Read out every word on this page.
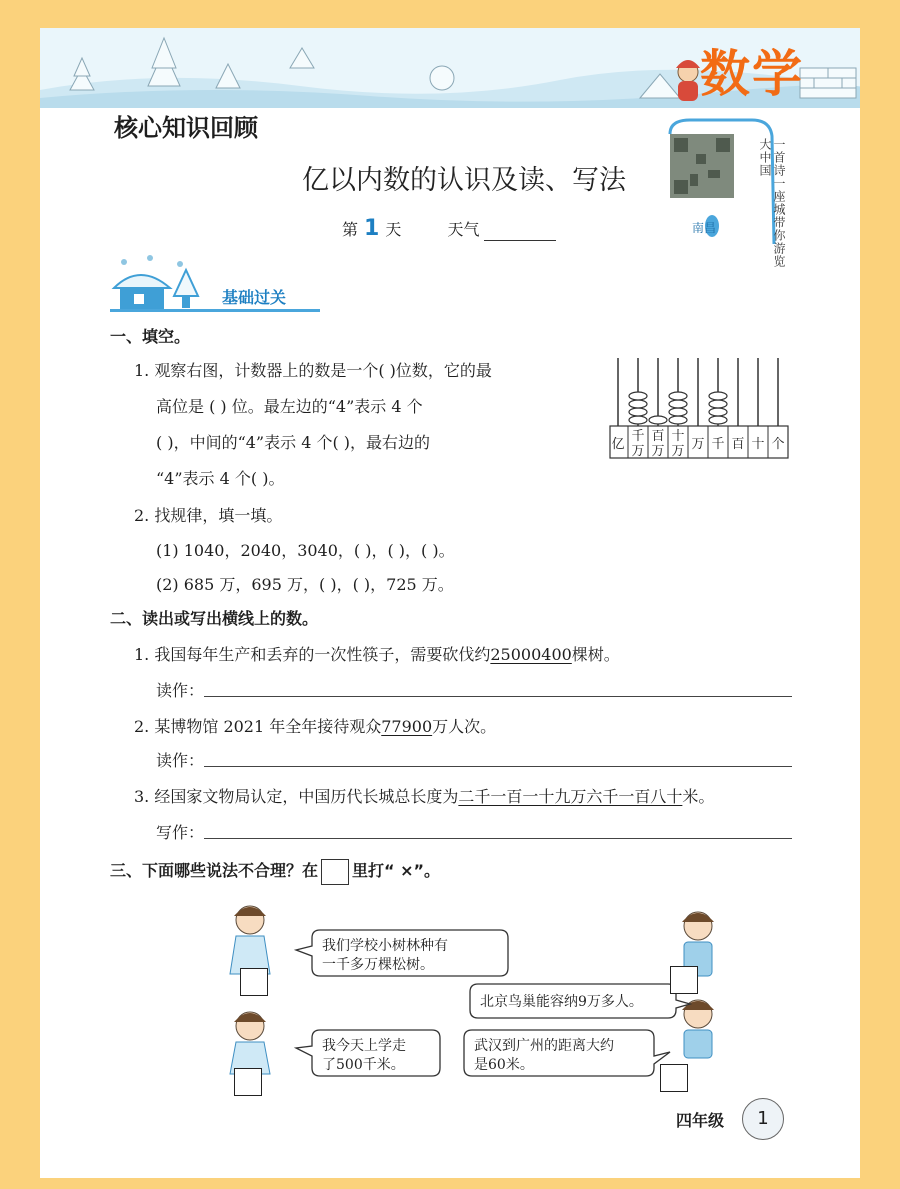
数学
核心知识回顾
亿以内数的认识及读、写法
第 1 天	天气	南昌	一首诗一座城带你游览大中国
基础过关
一、填空。
1. 观察右图，计数器上的数是一个( )位数，它的最
高位是 ( ) 位。最左边的“4”表示 4 个
( )，中间的“4”表示 4 个( )，最右边的
“4”表示 4 个( )。
亿
千万
百万
十万 万 千 百 十 个
2. 找规律，填一填。
(1) 1040，2040，3040，( )，( )，( )。
(2) 685 万，695 万，( )，( )，725 万。
二、读出或写出横线上的数。
1. 我国每年生产和丢弃的一次性筷子，需要砍伐约25000400棵树。
读作：
2. 某博物馆 2021 年全年接待观众77900万人次。
读作：
3. 经国家文物局认定，中国历代长城总长度为二千一百一十九万六千一百八十米。
写作：
三、下面哪些说法不合理？在 里打“ ×”。
我们学校小树林种有
一千多万棵松树。
北京鸟巢能容纳9万多人。
我今天上学走
了500千米。
武汉到广州的距离大约
是60米。
四年级	1
